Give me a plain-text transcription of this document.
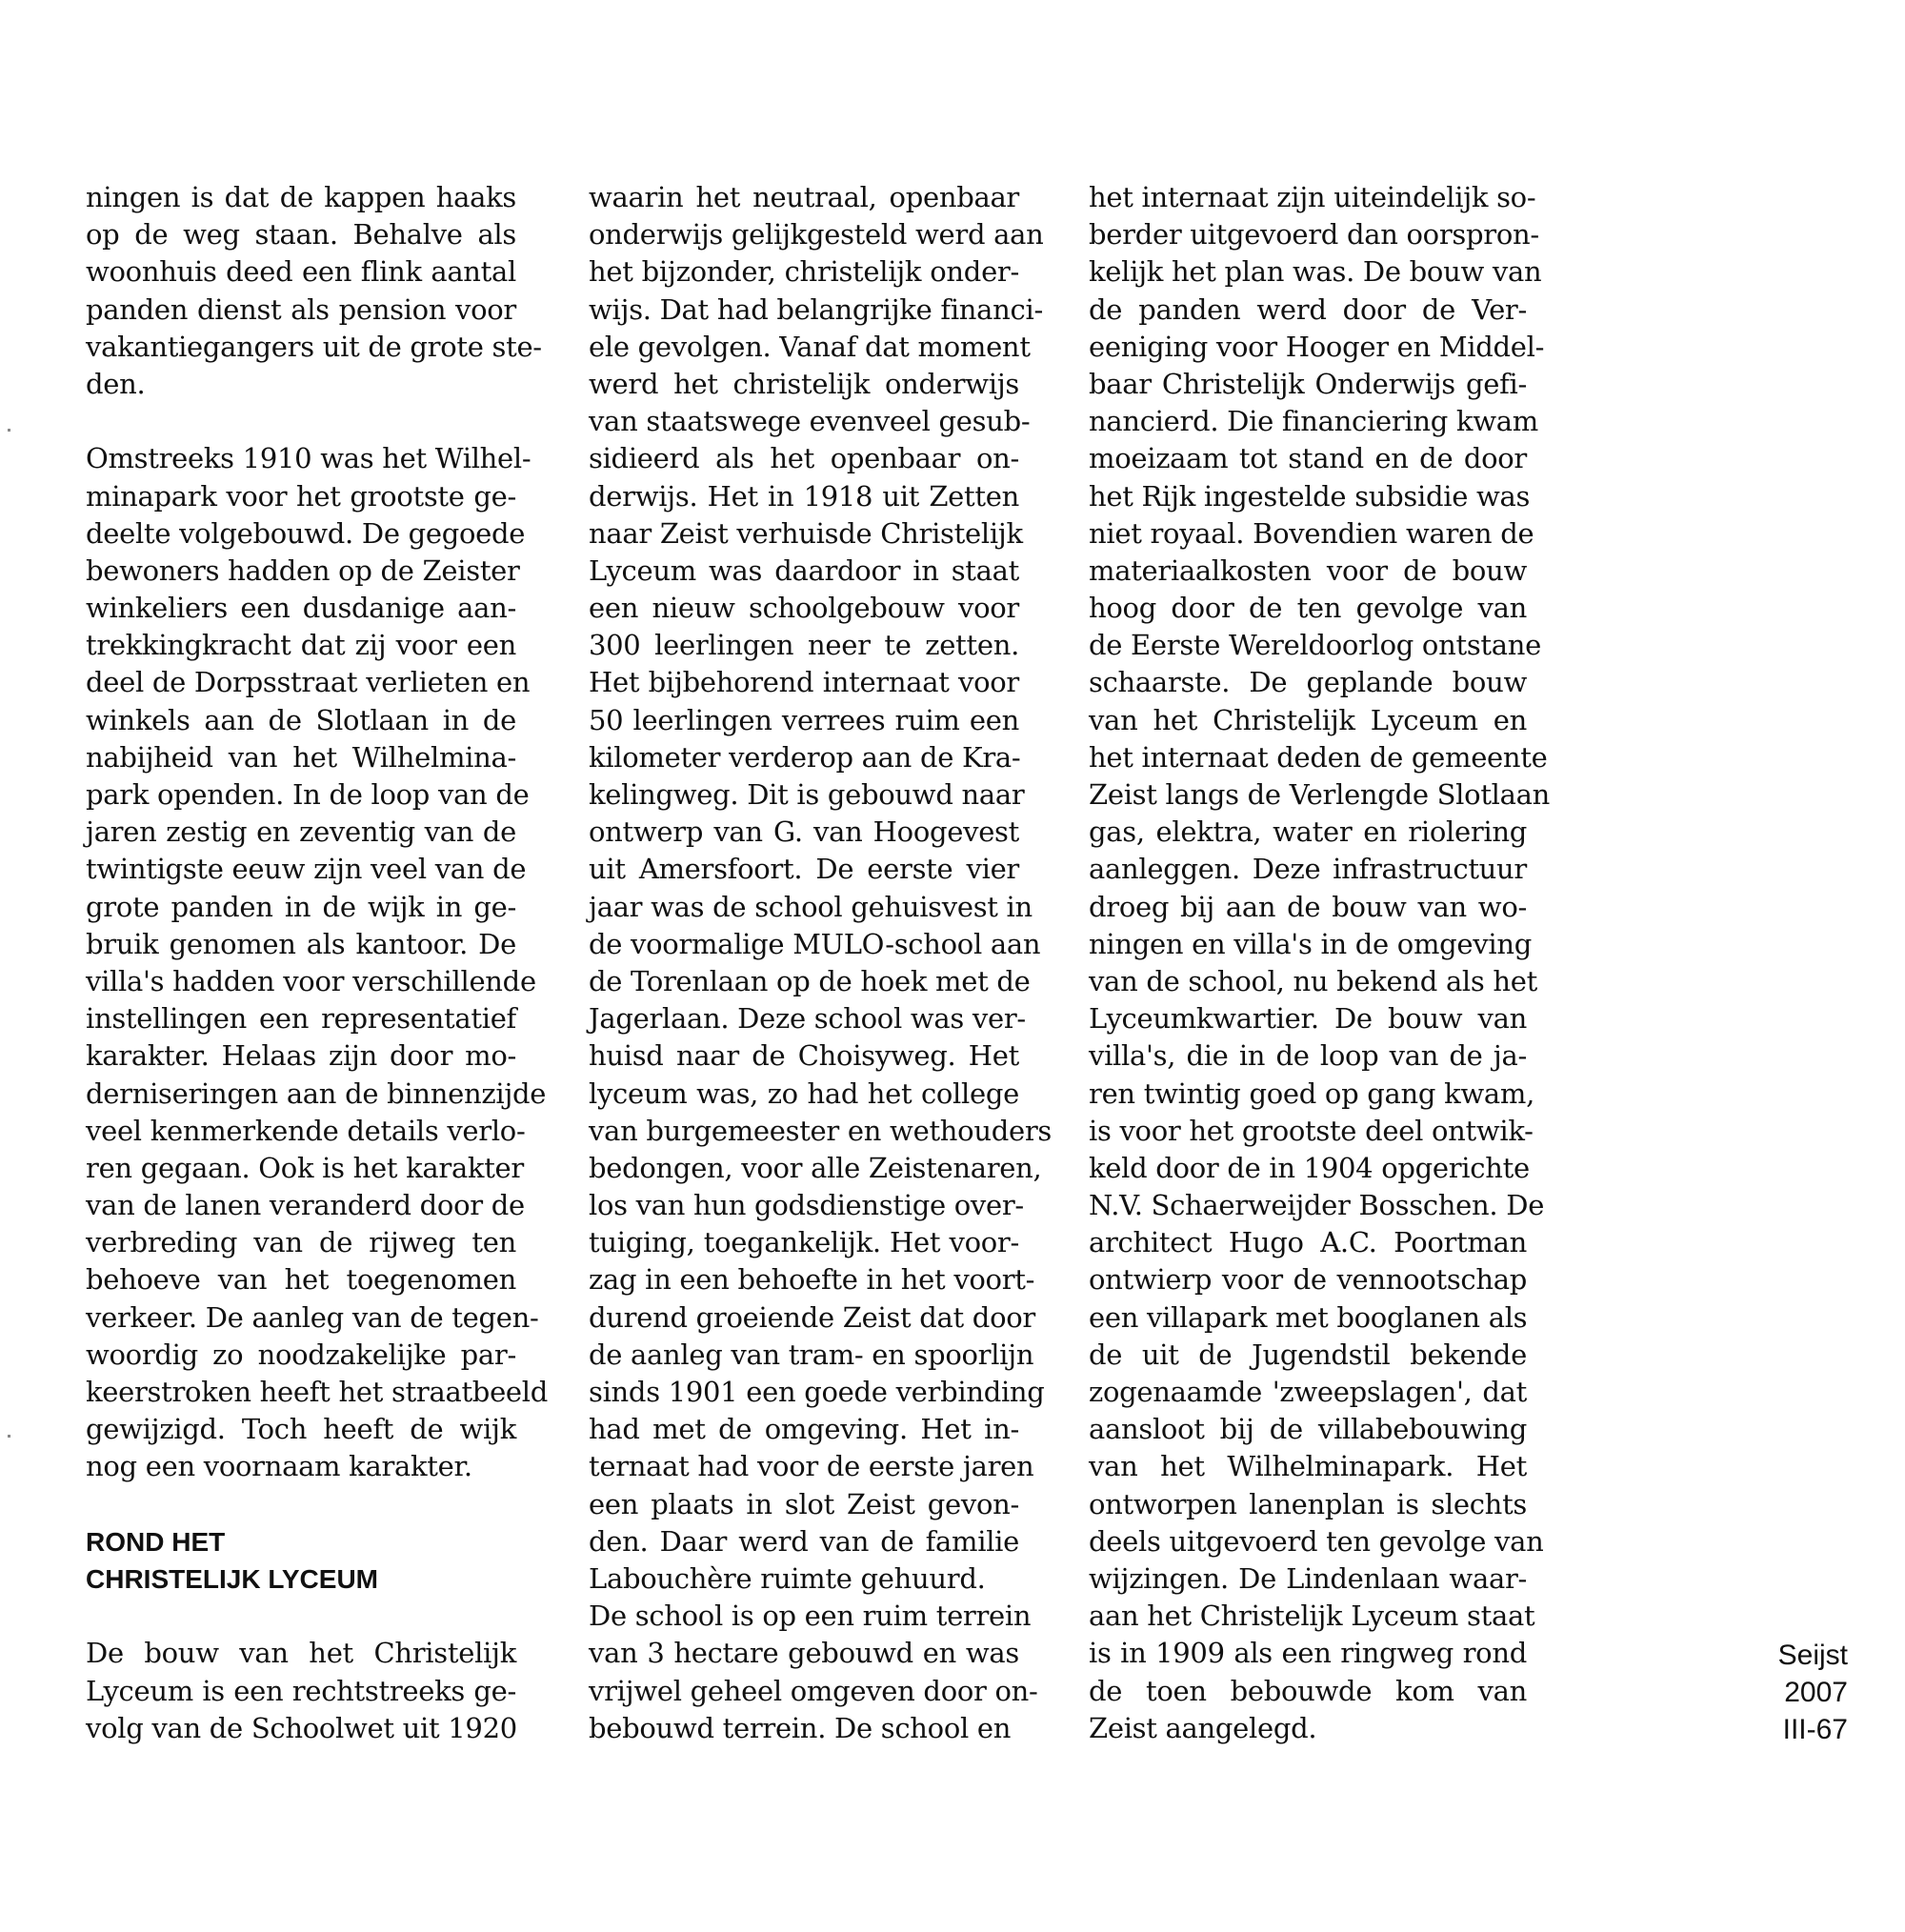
ningen is dat de kappen haaks
op de weg staan. Behalve als
woonhuis deed een flink aantal
panden dienst als pension voor
vakantiegangers uit de grote ste-
den.
Omstreeks 1910 was het Wilhel-
minapark voor het grootste ge-
deelte volgebouwd. De gegoede
bewoners hadden op de Zeister
winkeliers een dusdanige aan-
trekkingkracht dat zij voor een
deel de Dorpsstraat verlieten en
winkels aan de Slotlaan in de
nabijheid van het Wilhelmina-
park openden. In de loop van de
jaren zestig en zeventig van de
twintigste eeuw zijn veel van de
grote panden in de wijk in ge-
bruik genomen als kantoor. De
villa's hadden voor verschillende
instellingen een representatief
karakter. Helaas zijn door mo-
derniseringen aan de binnenzijde
veel kenmerkende details verlo-
ren gegaan. Ook is het karakter
van de lanen veranderd door de
verbreding van de rijweg ten
behoeve van het toegenomen
verkeer. De aanleg van de tegen-
woordig zo noodzakelijke par-
keerstroken heeft het straatbeeld
gewijzigd. Toch heeft de wijk
nog een voornaam karakter.
ROND HET
CHRISTELIJK LYCEUM
De bouw van het Christelijk
Lyceum is een rechtstreeks ge-
volg van de Schoolwet uit 1920
waarin het neutraal, openbaar
onderwijs gelijkgesteld werd aan
het bijzonder, christelijk onder-
wijs. Dat had belangrijke financi-
ele gevolgen. Vanaf dat moment
werd het christelijk onderwijs
van staatswege evenveel gesub-
sidieerd als het openbaar on-
derwijs. Het in 1918 uit Zetten
naar Zeist verhuisde Christelijk
Lyceum was daardoor in staat
een nieuw schoolgebouw voor
300 leerlingen neer te zetten.
Het bijbehorend internaat voor
50 leerlingen verrees ruim een
kilometer verderop aan de Kra-
kelingweg. Dit is gebouwd naar
ontwerp van G. van Hoogevest
uit Amersfoort. De eerste vier
jaar was de school gehuisvest in
de voormalige MULO-school aan
de Torenlaan op de hoek met de
Jagerlaan. Deze school was ver-
huisd naar de Choisyweg. Het
lyceum was, zo had het college
van burgemeester en wethouders
bedongen, voor alle Zeistenaren,
los van hun godsdienstige over-
tuiging, toegankelijk. Het voor-
zag in een behoefte in het voort-
durend groeiende Zeist dat door
de aanleg van tram- en spoorlijn
sinds 1901 een goede verbinding
had met de omgeving. Het in-
ternaat had voor de eerste jaren
een plaats in slot Zeist gevon-
den. Daar werd van de familie
Labouchère ruimte gehuurd.
De school is op een ruim terrein
van 3 hectare gebouwd en was
vrijwel geheel omgeven door on-
bebouwd terrein. De school en
het internaat zijn uiteindelijk so-
berder uitgevoerd dan oorspron-
kelijk het plan was. De bouw van
de panden werd door de Ver-
eeniging voor Hooger en Middel-
baar Christelijk Onderwijs gefi-
nancierd. Die financiering kwam
moeizaam tot stand en de door
het Rijk ingestelde subsidie was
niet royaal. Bovendien waren de
materiaalkosten voor de bouw
hoog door de ten gevolge van
de Eerste Wereldoorlog ontstane
schaarste. De geplande bouw
van het Christelijk Lyceum en
het internaat deden de gemeente
Zeist langs de Verlengde Slotlaan
gas, elektra, water en riolering
aanleggen. Deze infrastructuur
droeg bij aan de bouw van wo-
ningen en villa's in de omgeving
van de school, nu bekend als het
Lyceumkwartier. De bouw van
villa's, die in de loop van de ja-
ren twintig goed op gang kwam,
is voor het grootste deel ontwik-
keld door de in 1904 opgerichte
N.V. Schaerweijder Bosschen. De
architect Hugo A.C. Poortman
ontwierp voor de vennootschap
een villapark met booglanen als
de uit de Jugendstil bekende
zogenaamde 'zweepslagen', dat
aansloot bij de villabebouwing
van het Wilhelminapark. Het
ontworpen lanenplan is slechts
deels uitgevoerd ten gevolge van
wijzingen. De Lindenlaan waar-
aan het Christelijk Lyceum staat
is in 1909 als een ringweg rond
de toen bebouwde kom van
Zeist aangelegd.
Seijst
2007
III-67
